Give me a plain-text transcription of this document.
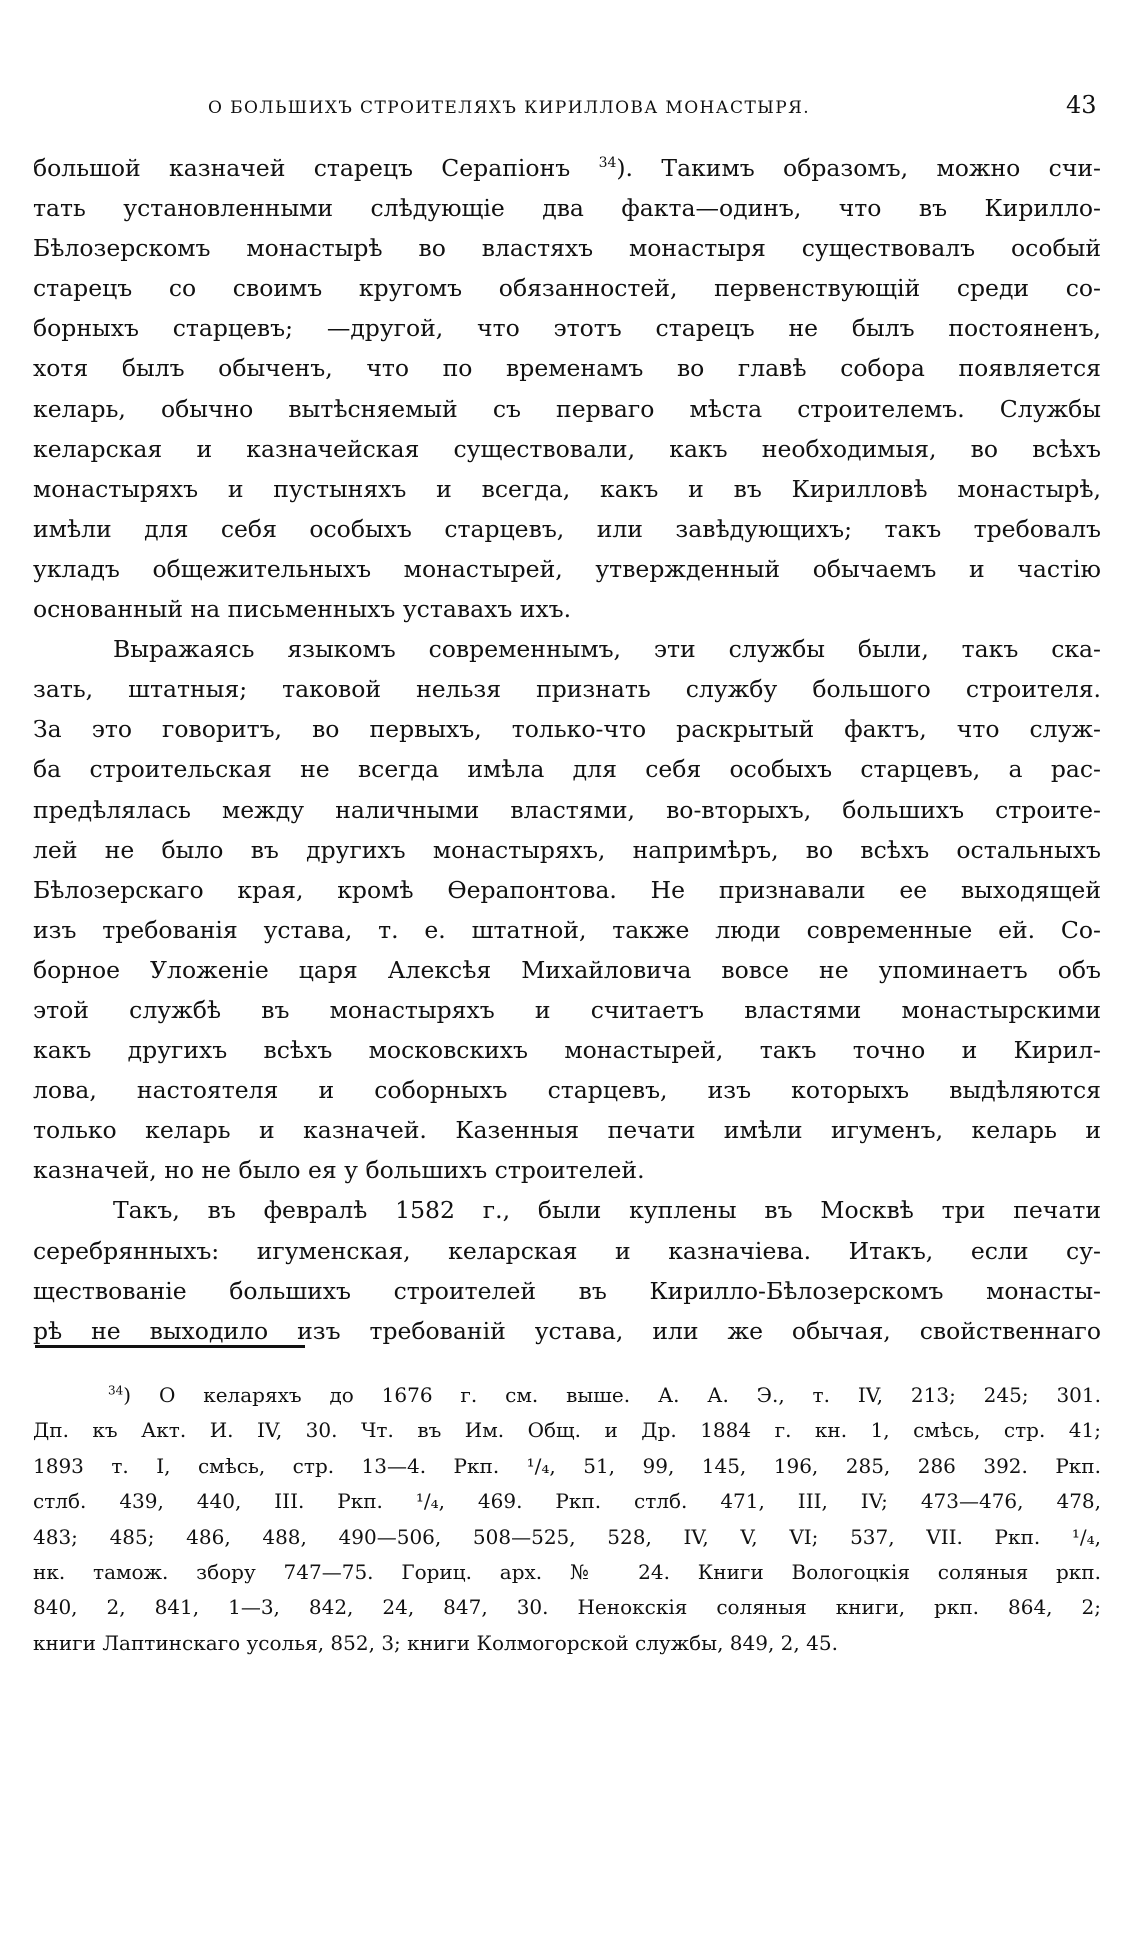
О БОЛЬШИХЪ СТРОИТЕЛЯХЪ КИРИЛЛОВА МОНАСТЫРЯ.	43
большой казначей старецъ Серапіонъ $^{34}$). Такимъ образомъ, можно счи-
тать установленными слѣдующіе два факта—одинъ, что въ Кирилло-
Бѣлозерскомъ монастырѣ во властяхъ монастыря существовалъ особый
старецъ со своимъ кругомъ обязанностей, первенствующій среди со-
борныхъ старцевъ; —другой, что этотъ старецъ не былъ постояненъ,
хотя былъ обыченъ, что по временамъ во главѣ собора появляется
келарь, обычно вытѣсняемый съ перваго мѣста строителемъ. Службы
келарская и казначейская существовали, какъ необходимыя, во всѣхъ
монастыряхъ и пустыняхъ и всегда, какъ и въ Кирилловѣ монастырѣ,
имѣли для себя особыхъ старцевъ, или завѣдующихъ; такъ требовалъ
укладъ общежительныхъ монастырей, утвержденный обычаемъ и частію
основанный на письменныхъ уставахъ ихъ.
Выражаясь языкомъ современнымъ, эти службы были, такъ ска-
зать, штатныя; таковой нельзя признать службу большого строителя.
За это говоритъ, во первыхъ, только-что раскрытый фактъ, что служ-
ба строительская не всегда имѣла для себя особыхъ старцевъ, а рас-
предѣлялась между наличными властями, во-вторыхъ, большихъ строите-
лей не было въ другихъ монастыряхъ, напримѣръ, во всѣхъ остальныхъ
Бѣлозерскаго края, кромѣ Ѳерапонтова. Не признавали ее выходящей
изъ требованія устава, т. е. штатной, также люди современные ей. Со-
борное Уложеніе царя Алексѣя Михайловича вовсе не упоминаетъ объ
этой службѣ въ монастыряхъ и считаетъ властями монастырскими
какъ другихъ всѣхъ московскихъ монастырей, такъ точно и Кирил-
лова, настоятеля и соборныхъ старцевъ, изъ которыхъ выдѣляются
только келарь и казначей. Казенныя печати имѣли игуменъ, келарь и
казначей, но не было ея у большихъ строителей.
Такъ, въ февралѣ 1582 г., были куплены въ Москвѣ три печати
серебрянныхъ: игуменская, келарская и казначіева. Итакъ, если су-
ществованіе большихъ строителей въ Кирилло-Бѣлозерскомъ монасты-
рѣ не выходило изъ требованій устава, или же обычая, свойственнаго
$^{34}$) О келаряхъ до 1676 г. см. выше. А. А. Э., т. IV, 213; 245; 301.
Дп. къ Акт. И. IV, 30. Чт. въ Им. Общ. и Др. 1884 г. кн. 1, смѣсь, стр. 41;
1893 т. I, смѣсь, стр. 13—4. Ркп. ¹/₄, 51, 99, 145, 196, 285, 286 392. Ркп.
стлб. 439, 440, III. Ркп. ¹/₄, 469. Ркп. стлб. 471, III, IV; 473—476, 478,
483; 485; 486, 488, 490—506, 508—525, 528, IV, V, VI; 537, VII. Ркп. ¹/₄,
нк. тамож. збору 747—75. Гориц. арх. № 24. Книги Вологоцкія соляныя ркп.
840, 2, 841, 1—3, 842, 24, 847, 30. Ненокскія соляныя книги, ркп. 864, 2;
книги Лаптинскаго усолья, 852, 3; книги Колмогорской службы, 849, 2, 45.
